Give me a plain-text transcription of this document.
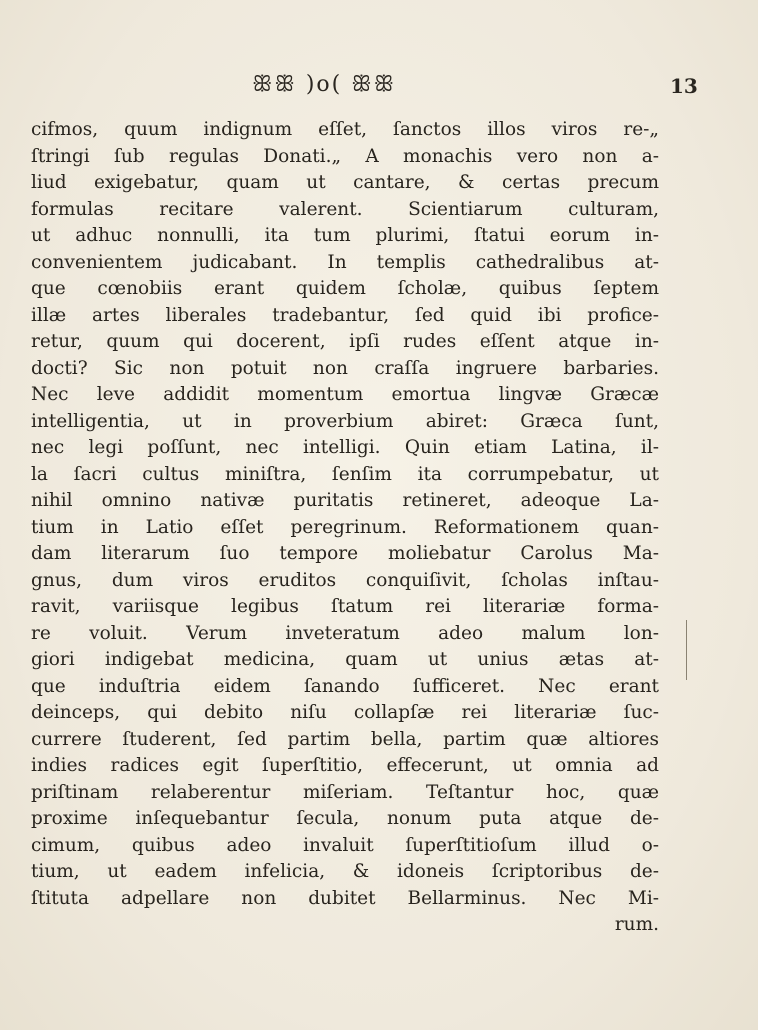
ꕥꕥ )o( ꕥꕥ	13
cifmos, quum indignum eſſet, ſanctos illos viros re-„
ſtringi ſub regulas Donati.„ A monachis vero non a-
liud exigebatur, quam ut cantare, & certas precum
formulas recitare valerent. Scientiarum culturam,
ut adhuc nonnulli, ita tum plurimi, ſtatui eorum in-
convenientem judicabant. In templis cathedralibus at-
que cœnobiis erant quidem ſcholæ, quibus ſeptem
illæ artes liberales tradebantur, ſed quid ibi profice-
retur, quum qui docerent, ipſi rudes eſſent atque in-
docti? Sic non potuit non craſſa ingruere barbaries.
Nec leve addidit momentum emortua lingvæ Græcæ
intelligentia, ut in proverbium abiret: Græca ſunt,
nec legi poſſunt, nec intelligi. Quin etiam Latina, il-
la ſacri cultus miniſtra, ſenſim ita corrumpebatur, ut
nihil omnino nativæ puritatis retineret, adeoque La-
tium in Latio eſſet peregrinum. Reformationem quan-
dam literarum ſuo tempore moliebatur Carolus Ma-
gnus, dum viros eruditos conquiſivit, ſcholas inſtau-
ravit, variisque legibus ſtatum rei literariæ forma-
re voluit. Verum inveteratum adeo malum lon-
giori indigebat medicina, quam ut unius ætas at-
que induſtria eidem ſanando ſufficeret. Nec erant
deinceps, qui debito niſu collapſæ rei literariæ ſuc-
currere ſtuderent, ſed partim bella, partim quæ altiores
indies radices egit ſuperſtitio, effecerunt, ut omnia ad
priſtinam relaberentur miſeriam. Teſtantur hoc, quæ
proxime inſequebantur ſecula, nonum puta atque de-
cimum, quibus adeo invaluit ſuperſtitioſum illud o-
tium, ut eadem infelicia, & idoneis ſcriptoribus de-
ſtituta adpellare non dubitet Bellarminus. Nec Mi-
rum.
